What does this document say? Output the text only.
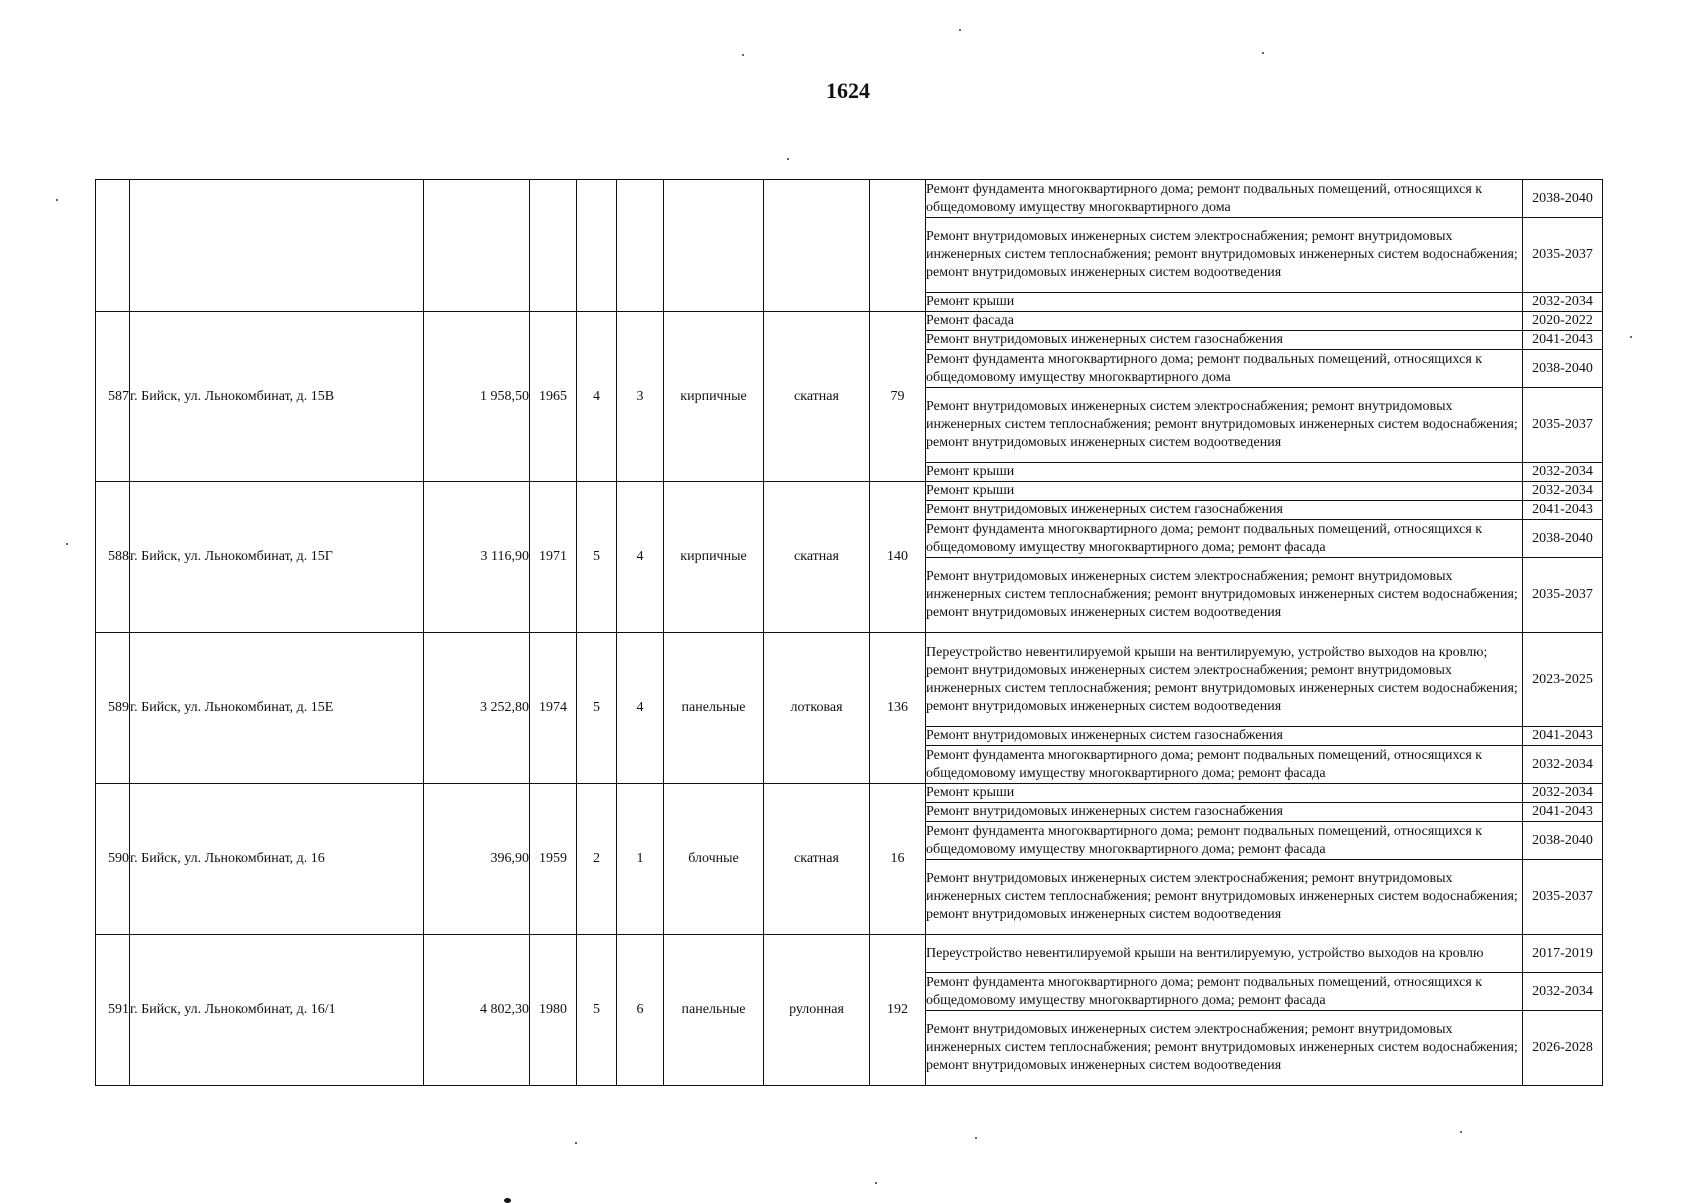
1624
									Ремонт фундамента многоквартирного дома; ремонт подвальных помещений, относящихся к общедомовому имуществу многоквартирного дома	2038-2040
									Ремонт внутридомовых инженерных систем электроснабжения; ремонт внутридомовых инженерных систем теплоснабжения; ремонт внутридомовых инженерных систем водоснабжения; ремонт внутридомовых инженерных систем водоотведения	2035-2037
									Ремонт крыши	2032-2034
587	г. Бийск, ул. Льнокомбинат, д. 15В	1 958,50	1965	4	3	кирпичные	скатная	79	Ремонт фасада	2020-2022
									Ремонт внутридомовых инженерных систем газоснабжения	2041-2043
									Ремонт фундамента многоквартирного дома; ремонт подвальных помещений, относящихся к общедомовому имуществу многоквартирного дома	2038-2040
									Ремонт внутридомовых инженерных систем электроснабжения; ремонт внутридомовых инженерных систем теплоснабжения; ремонт внутридомовых инженерных систем водоснабжения; ремонт внутридомовых инженерных систем водоотведения	2035-2037
									Ремонт крыши	2032-2034
588	г. Бийск, ул. Льнокомбинат, д. 15Г	3 116,90	1971	5	4	кирпичные	скатная	140	Ремонт крыши	2032-2034
									Ремонт внутридомовых инженерных систем газоснабжения	2041-2043
									Ремонт фундамента многоквартирного дома; ремонт подвальных помещений, относящихся к общедомовому имуществу многоквартирного дома; ремонт фасада	2038-2040
									Ремонт внутридомовых инженерных систем электроснабжения; ремонт внутридомовых инженерных систем теплоснабжения; ремонт внутридомовых инженерных систем водоснабжения; ремонт внутридомовых инженерных систем водоотведения	2035-2037
589	г. Бийск, ул. Льнокомбинат, д. 15Е	3 252,80	1974	5	4	панельные	лотковая	136	Переустройство невентилируемой крыши на вентилируемую, устройство выходов на кровлю; ремонт внутридомовых инженерных систем электроснабжения; ремонт внутридомовых инженерных систем теплоснабжения; ремонт внутридомовых инженерных систем водоснабжения; ремонт внутридомовых инженерных систем водоотведения	2023-2025
									Ремонт внутридомовых инженерных систем газоснабжения	2041-2043
									Ремонт фундамента многоквартирного дома; ремонт подвальных помещений, относящихся к общедомовому имуществу многоквартирного дома; ремонт фасада	2032-2034
590	г. Бийск, ул. Льнокомбинат, д. 16	396,90	1959	2	1	блочные	скатная	16	Ремонт крыши	2032-2034
									Ремонт внутридомовых инженерных систем газоснабжения	2041-2043
									Ремонт фундамента многоквартирного дома; ремонт подвальных помещений, относящихся к общедомовому имуществу многоквартирного дома; ремонт фасада	2038-2040
									Ремонт внутридомовых инженерных систем электроснабжения; ремонт внутридомовых инженерных систем теплоснабжения; ремонт внутридомовых инженерных систем водоснабжения; ремонт внутридомовых инженерных систем водоотведения	2035-2037
591	г. Бийск, ул. Льнокомбинат, д. 16/1	4 802,30	1980	5	6	панельные	рулонная	192	Переустройство невентилируемой крыши на вентилируемую, устройство выходов на кровлю	2017-2019
									Ремонт фундамента многоквартирного дома; ремонт подвальных помещений, относящихся к общедомовому имуществу многоквартирного дома; ремонт фасада	2032-2034
									Ремонт внутридомовых инженерных систем электроснабжения; ремонт внутридомовых инженерных систем теплоснабжения; ремонт внутридомовых инженерных систем водоснабжения; ремонт внутридомовых инженерных систем водоотведения	2026-2028
